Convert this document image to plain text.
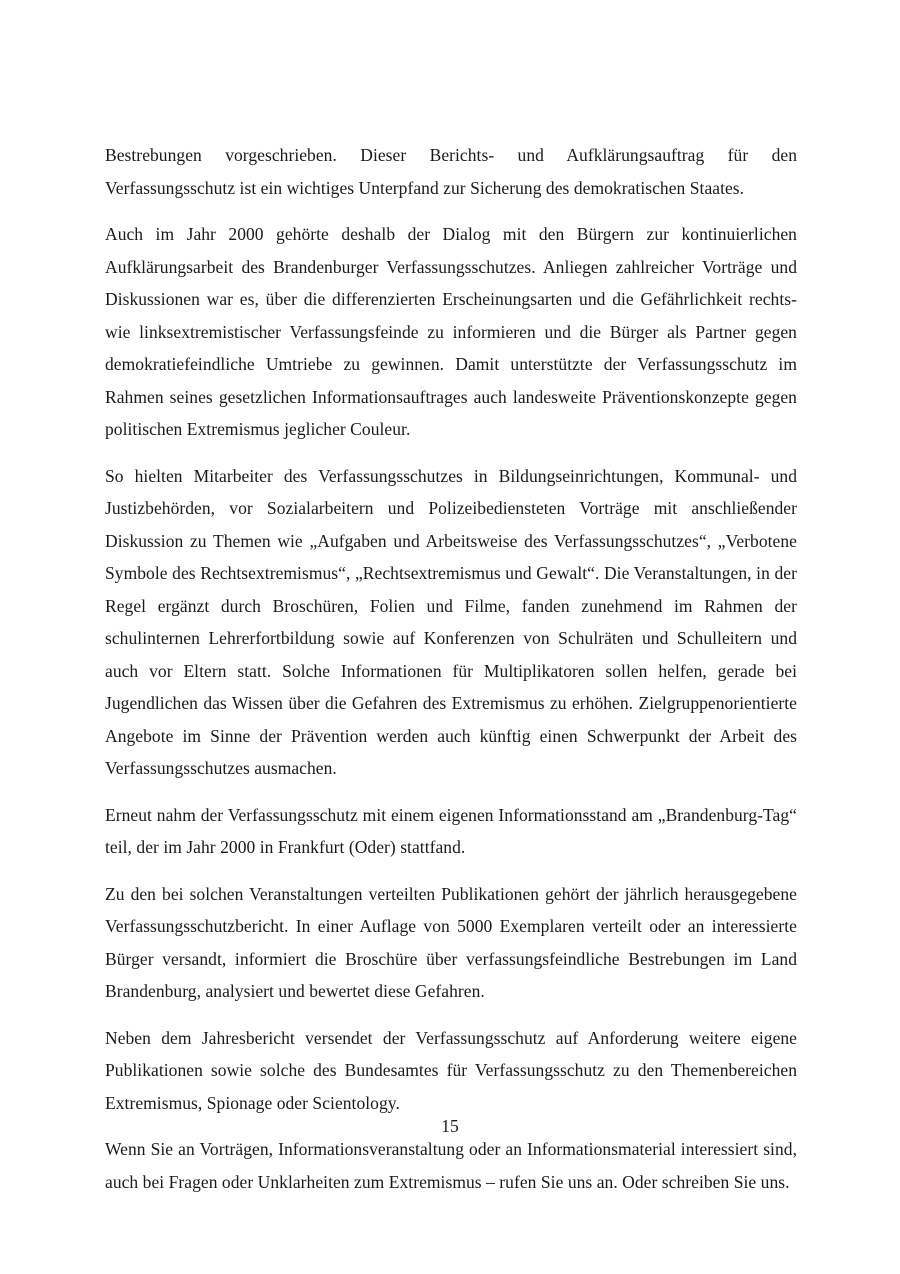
Bestrebungen vorgeschrieben. Dieser Berichts- und Aufklärungsauftrag für den Verfassungsschutz ist ein wichtiges Unterpfand zur Sicherung des demokratischen Staates.

Auch im Jahr 2000 gehörte deshalb der Dialog mit den Bürgern zur kontinuierlichen Aufklärungsarbeit des Brandenburger Verfassungsschutzes. Anliegen zahlreicher Vorträge und Diskussionen war es, über die differenzierten Erscheinungsarten und die Gefährlichkeit rechts- wie linksextremistischer Verfassungsfeinde zu informieren und die Bürger als Partner gegen demokratiefeindliche Umtriebe zu gewinnen. Damit unterstützte der Verfassungsschutz im Rahmen seines gesetzlichen Informationsauftrages auch landesweite Präventionskonzepte gegen politischen Extremismus jeglicher Couleur.

So hielten Mitarbeiter des Verfassungsschutzes in Bildungseinrichtungen, Kommunal- und Justizbehörden, vor Sozialarbeitern und Polizeibediensteten Vorträge mit anschließender Diskussion zu Themen wie „Aufgaben und Arbeitsweise des Verfassungsschutzes“, „Verbotene Symbole des Rechtsextremismus“, „Rechtsextremismus und Gewalt“. Die Veranstaltungen, in der Regel ergänzt durch Broschüren, Folien und Filme, fanden zunehmend im Rahmen der schulinternen Lehrerfortbildung sowie auf Konferenzen von Schulräten und Schulleitern und auch vor Eltern statt. Solche Informationen für Multiplikatoren sollen helfen, gerade bei Jugendlichen das Wissen über die Gefahren des Extremismus zu erhöhen. Zielgruppenorientierte Angebote im Sinne der Prävention werden auch künftig einen Schwerpunkt der Arbeit des Verfassungsschutzes ausmachen.

Erneut nahm der Verfassungsschutz mit einem eigenen Informationsstand am „Brandenburg-Tag“ teil, der im Jahr 2000 in Frankfurt (Oder) stattfand.

Zu den bei solchen Veranstaltungen verteilten Publikationen gehört der jährlich herausgegebene Verfassungsschutzbericht. In einer Auflage von 5000 Exemplaren verteilt oder an interessierte Bürger versandt, informiert die Broschüre über verfassungsfeindliche Bestrebungen im Land Brandenburg, analysiert und bewertet diese Gefahren.

Neben dem Jahresbericht versendet der Verfassungsschutz auf Anforderung weitere eigene Publikationen sowie solche des Bundesamtes für Verfassungsschutz zu den Themenbereichen Extremismus, Spionage oder Scientology.

Wenn Sie an Vorträgen, Informationsveranstaltung oder an Informationsmaterial interessiert sind, auch bei Fragen oder Unklarheiten zum Extremismus – rufen Sie uns an. Oder schreiben Sie uns.

15
